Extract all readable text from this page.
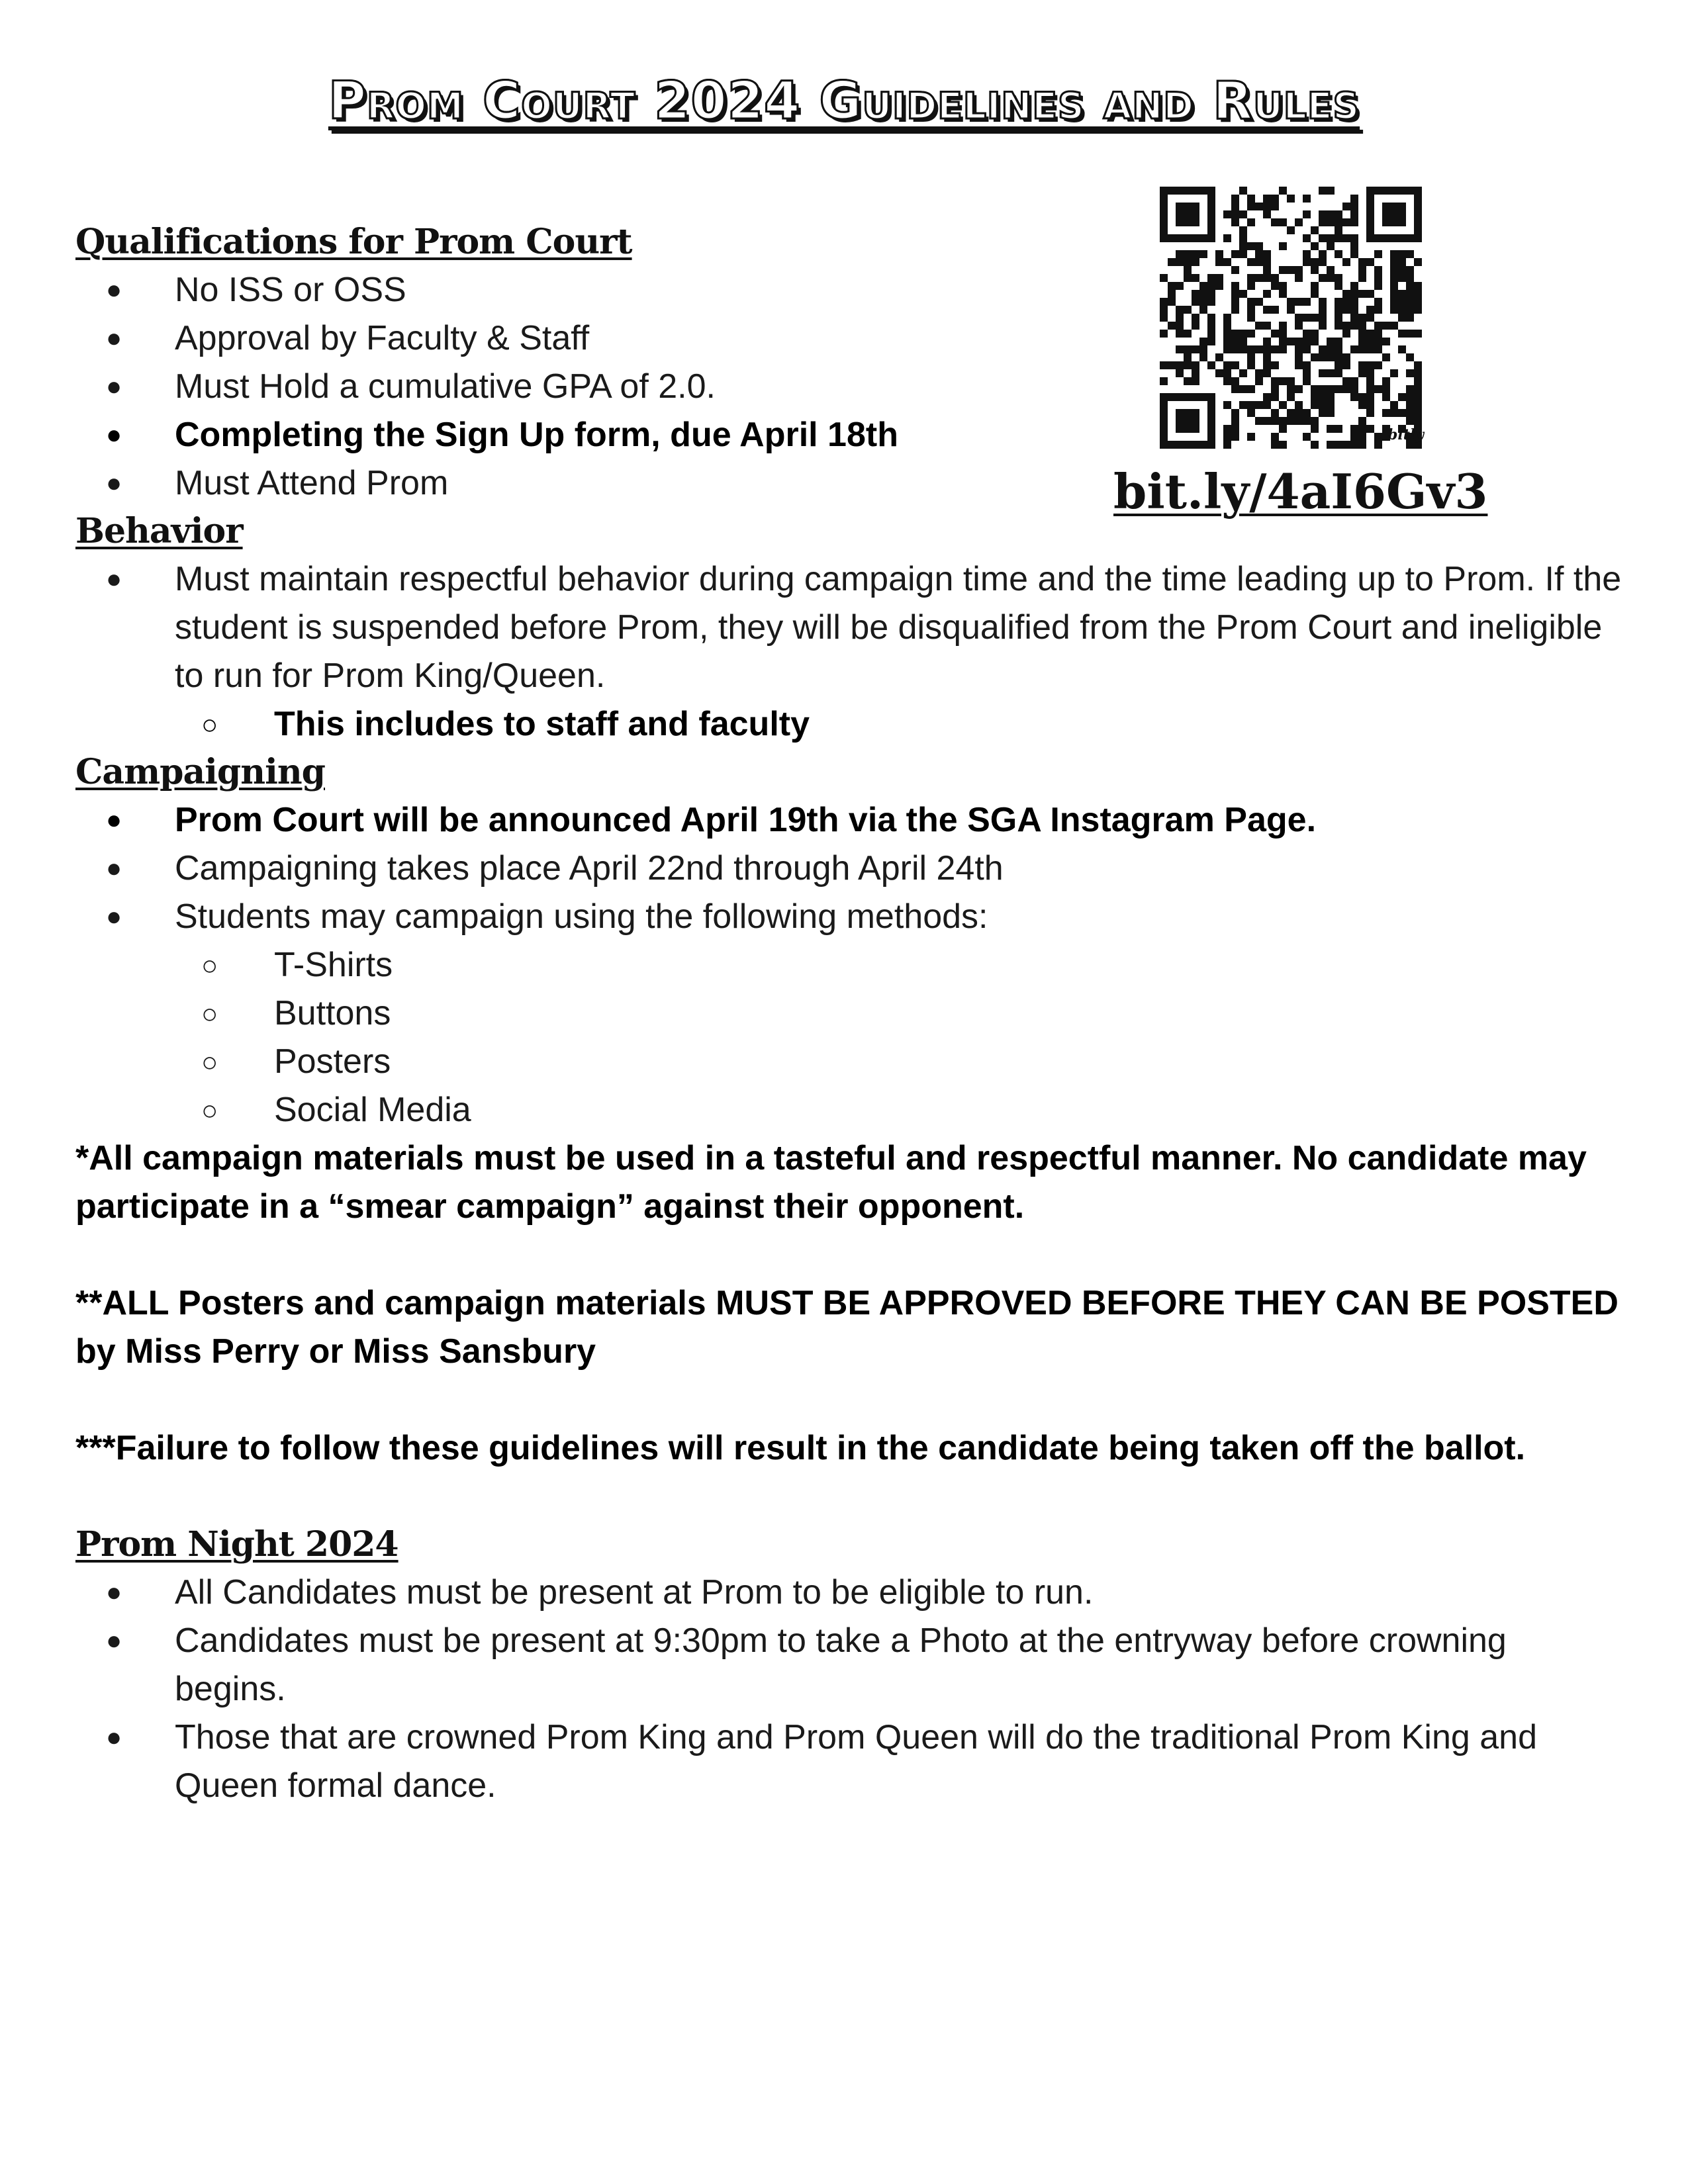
Prom Court 2024 Guidelines and Rules
bitly
bit.ly/4aI6Gv3
Qualifications for Prom Court
● No ISS or OSS
● Approval by Faculty & Staff
● Must Hold a cumulative GPA of 2.0.
● Completing the Sign Up form, due April 18th
● Must Attend Prom
Behavior
● Must maintain respectful behavior during campaign time and the time leading up to Prom. If the student is suspended before Prom, they will be disqualified from the Prom Court and ineligible to run for Prom King/Queen.
○ This includes to staff and faculty
Campaigning
● Prom Court will be announced April 19th via the SGA Instagram Page.
● Campaigning takes place April 22nd through April 24th
● Students may campaign using the following methods:
○ T-Shirts
○ Buttons
○ Posters
○ Social Media

*All campaign materials must be used in a tasteful and respectful manner. No candidate may participate in a “smear campaign” against their opponent.

**ALL Posters and campaign materials MUST BE APPROVED BEFORE THEY CAN BE POSTED by Miss Perry or Miss Sansbury

***Failure to follow these guidelines will result in the candidate being taken off the ballot.

Prom Night 2024
● All Candidates must be present at Prom to be eligible to run.
● Candidates must be present at 9:30pm to take a Photo at the entryway before crowning begins.
● Those that are crowned Prom King and Prom Queen will do the traditional Prom King and Queen formal dance.
